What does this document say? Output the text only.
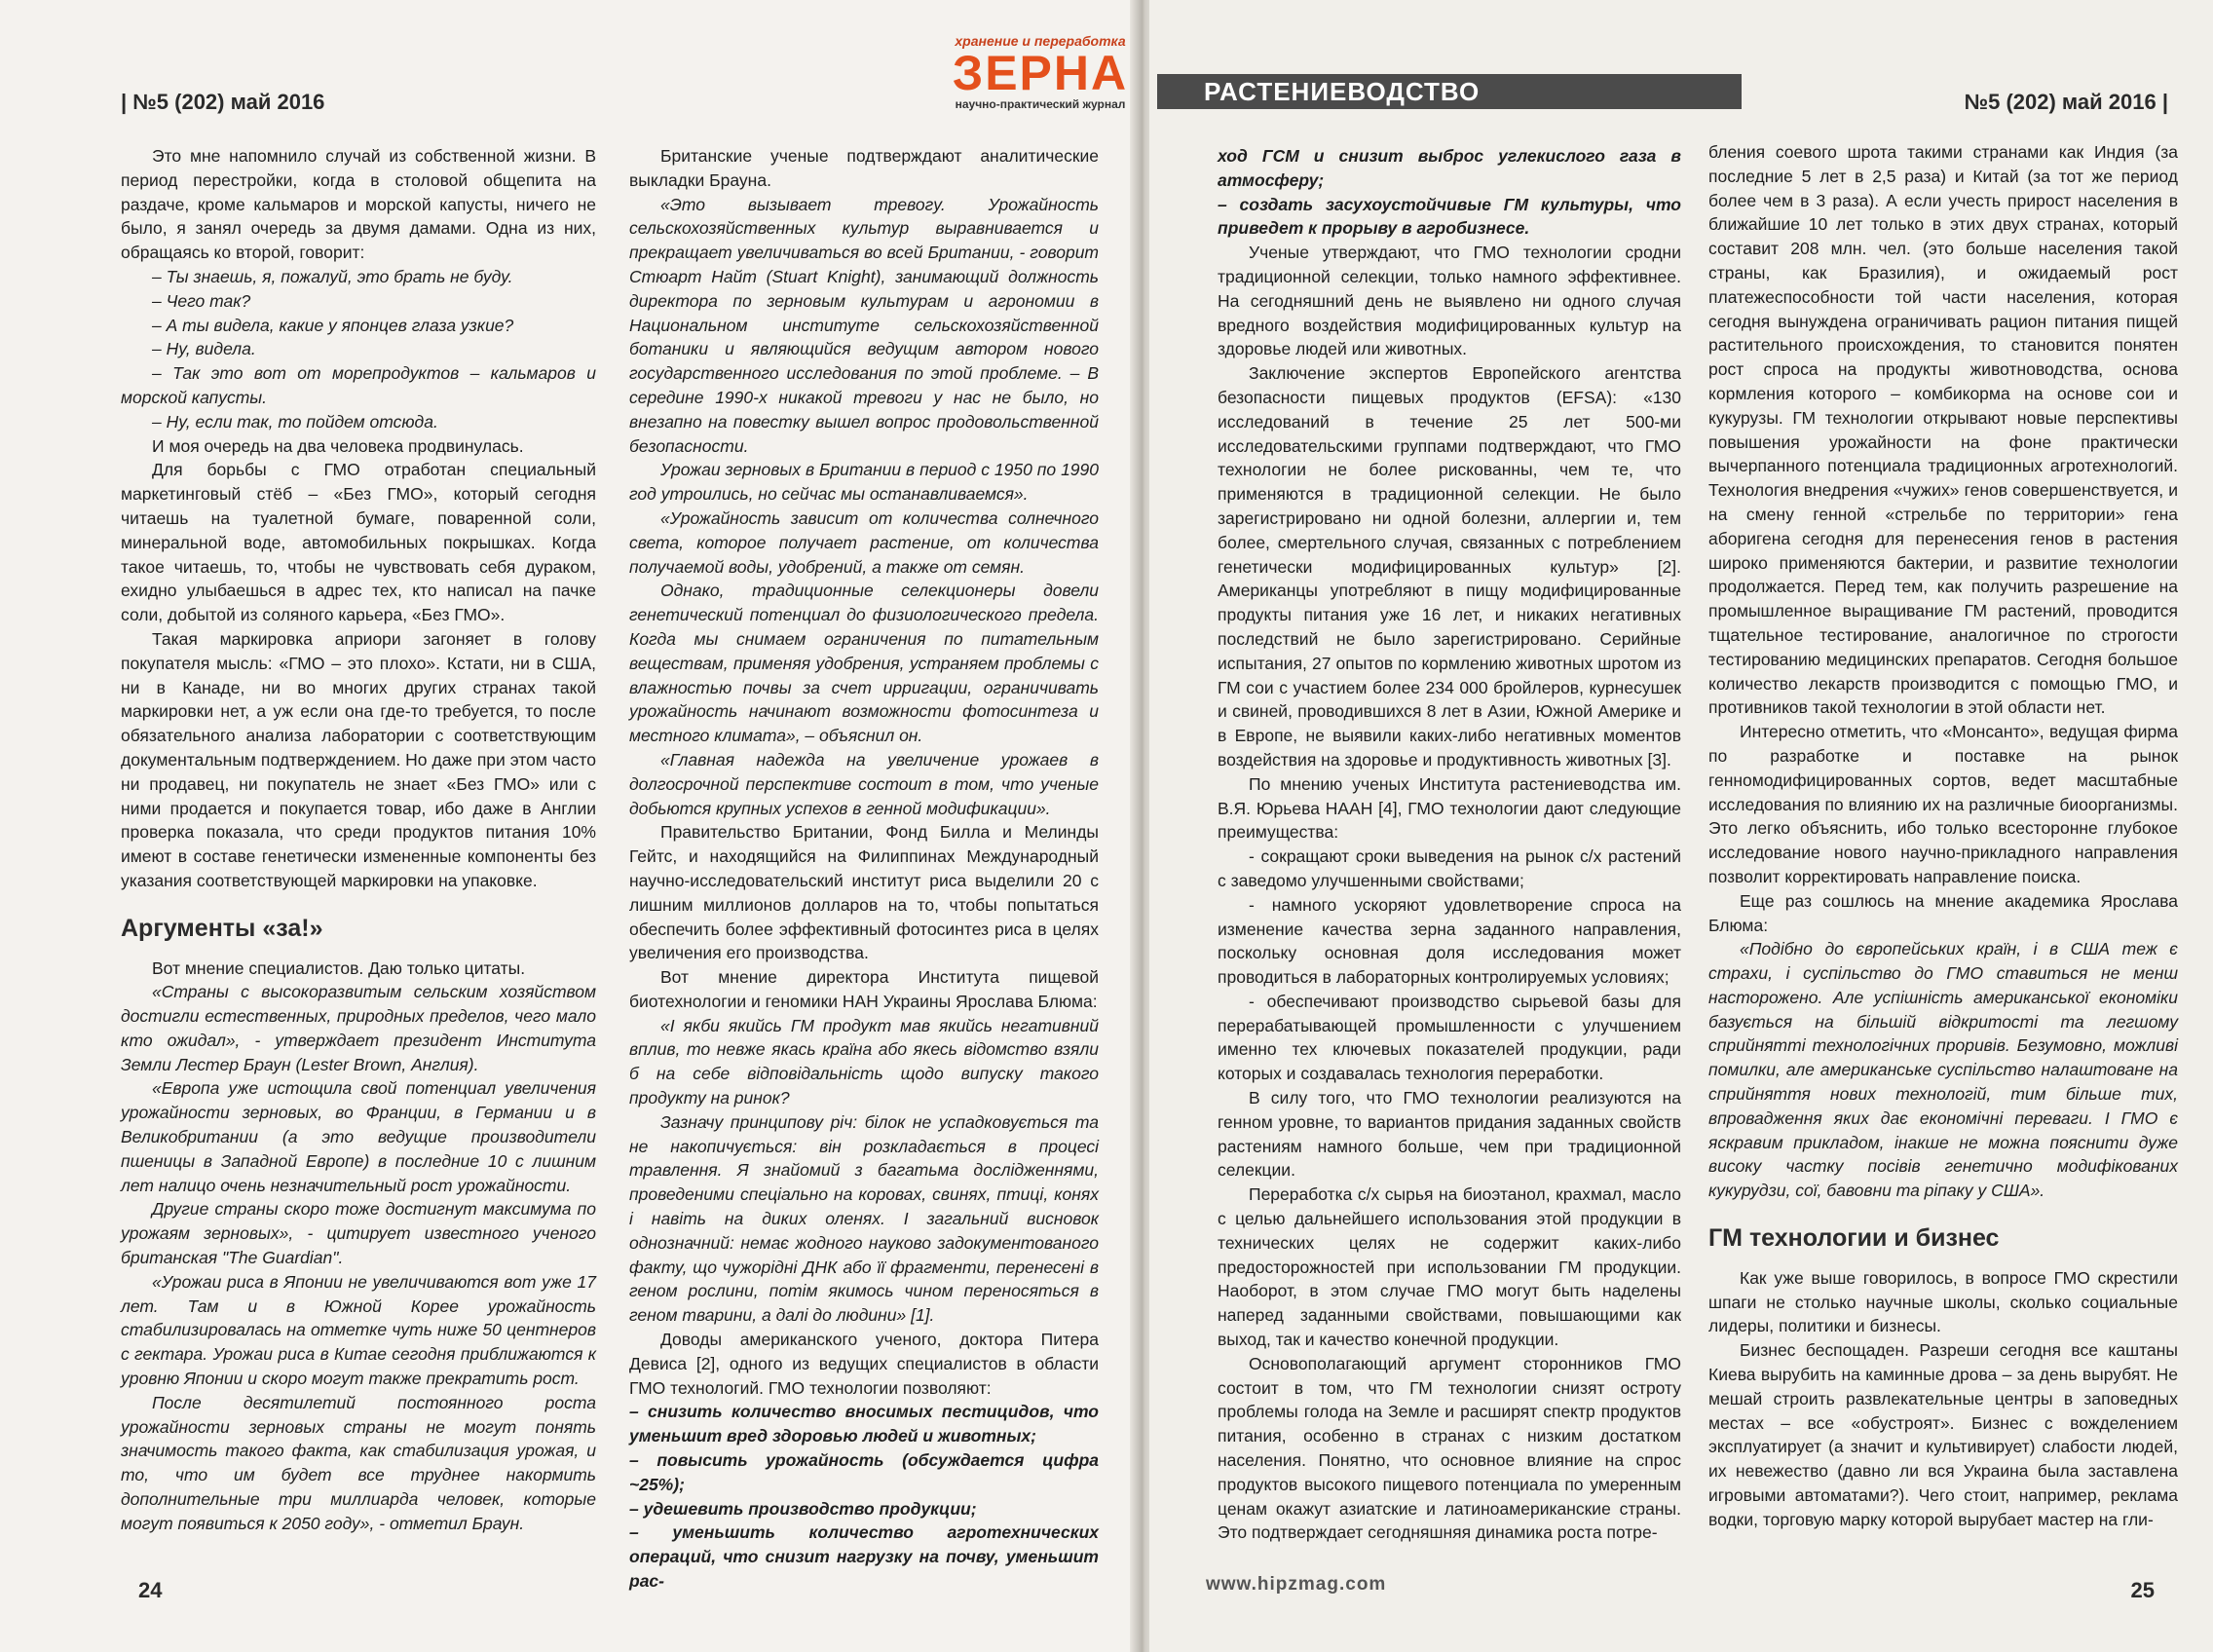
| №5 (202) май 2016
хранение и переработка
ЗЕРНА
научно-практический журнал

Это мне напомнило случай из собственной жизни. В период перестройки, когда в столовой общепита на раздаче, кроме кальмаров и морской капусты, ничего не было, я занял очередь за двумя дамами. Одна из них, обращаясь ко второй, говорит:

– Ты знаешь, я, пожалуй, это брать не буду.

– Чего так?

– А ты видела, какие у японцев глаза узкие?

– Ну, видела.

– Так это вот от морепродуктов – кальмаров и морской капусты.

– Ну, если так, то пойдем отсюда.

И моя очередь на два человека продвинулась.

Для борьбы с ГМО отработан специальный маркетинговый стёб – «Без ГМО», который сегодня читаешь на туалетной бумаге, поваренной соли, минеральной воде, автомобильных покрышках. Когда такое читаешь, то, чтобы не чувствовать себя дураком, ехидно улыбаешься в адрес тех, кто написал на пачке соли, добытой из соляного карьера, «Без ГМО».

Такая маркировка априори загоняет в голову покупателя мысль: «ГМО – это плохо». Кстати, ни в США, ни в Канаде, ни во многих других странах такой маркировки нет, а уж если она где-то требуется, то после обязательного анализа лаборатории с соответствующим документальным подтверждением. Но даже при этом часто ни продавец, ни покупатель не знает «Без ГМО» или с ними продается и покупается товар, ибо даже в Англии проверка показала, что среди продуктов питания 10% имеют в составе генетически измененные компоненты без указания соответствующей маркировки на упаковке.

Аргументы «за!»

Вот мнение специалистов. Даю только цитаты.

«Страны с высокоразвитым сельским хозяйством достигли естественных, природных пределов, чего мало кто ожидал», - утверждает президент Института Земли Лестер Браун (Lester Brown, Англия).

«Европа уже истощила свой потенциал увеличения урожайности зерновых, во Франции, в Германии и в Великобритании (а это ведущие производители пшеницы в Западной Европе) в последние 10 с лишним лет налицо очень незначительный рост урожайности.

Другие страны скоро тоже достигнут максимума по урожаям зерновых», - цитирует известного ученого британская "The Guardian".

«Урожаи риса в Японии не увеличиваются вот уже 17 лет. Там и в Южной Корее урожайность стабилизировалась на отметке чуть ниже 50 центнеров с гектара. Урожаи риса в Китае сегодня приближаются к уровню Японии и скоро могут также прекратить рост.

После десятилетий постоянного роста урожайности зерновых страны не могут понять значимость такого факта, как стабилизация урожая, и то, что им будет все труднее накормить дополнительные три миллиарда человек, которые могут появиться к 2050 году», - отметил Браун.

Британские ученые подтверждают аналитические выкладки Брауна.

«Это вызывает тревогу. Урожайность сельскохозяйственных культур выравнивается и прекращает увеличиваться во всей Британии, - говорит Стюарт Найт (Stuart Knight), занимающий должность директора по зерновым культурам и агрономии в Национальном институте сельскохозяйственной ботаники и являющийся ведущим автором нового государственного исследования по этой проблеме. – В середине 1990-х никакой тревоги у нас не было, но внезапно на повестку вышел вопрос продовольственной безопасности.

Урожаи зерновых в Британии в период с 1950 по 1990 год утроились, но сейчас мы останавливаемся».

«Урожайность зависит от количества солнечного света, которое получает растение, от количества получаемой воды, удобрений, а также от семян.

Однако, традиционные селекционеры довели генетический потенциал до физиологического предела. Когда мы снимаем ограничения по питательным веществам, применяя удобрения, устраняем проблемы с влажностью почвы за счет ирригации, ограничивать урожайность начинают возможности фотосинтеза и местного климата», – объяснил он.

«Главная надежда на увеличение урожаев в долгосрочной перспективе состоит в том, что ученые добьются крупных успехов в генной модификации».

Правительство Британии, Фонд Билла и Мелинды Гейтс, и находящийся на Филиппинах Международный научно-исследовательский институт риса выделили 20 с лишним миллионов долларов на то, чтобы попытаться обеспечить более эффективный фотосинтез риса в целях увеличения его производства.

Вот мнение директора Института пищевой биотехнологии и геномики НАН Украины Ярослава Блюма:

«І якби якийсь ГМ продукт мав якийсь негативний вплив, то невже якась країна або якесь відомство взяли б на себе відповідальність щодо випуску такого продукту на ринок?

Зазначу принципову річ: білок не успадковується та не накопичується: він розкладається в процесі травлення. Я знайомий з багатьма дослідженнями, проведеними спеціально на коровах, свинях, птиці, конях і навіть на диких оленях. І загальний висновок однозначний: немає жодного науково задокументованого факту, що чужорідні ДНК або її фрагменти, перенесені в геном рослини, потім якимось чином переносяться в геном тварини, а далі до людини» [1].

Доводы американского ученого, доктора Питера Девиса [2], одного из ведущих специалистов в области ГМО технологий. ГМО технологии позволяют:

– снизить количество вносимых пестицидов, что уменьшит вред здоровью людей и животных;

– повысить урожайность (обсуждается цифра ~25%);

– удешевить производство продукции;

– уменьшить количество агротехнических операций, что снизит нагрузку на почву, уменьшит рас-

24
№5 (202) май 2016 |

ход ГСМ и снизит выброс углекислого газа в атмосферу;

– создать засухоустойчивые ГМ культуры, что приведет к прорыву в агробизнесе.

Ученые утверждают, что ГМО технологии сродни традиционной селекции, только намного эффективнее. На сегодняшний день не выявлено ни одного случая вредного воздействия модифицированных культур на здоровье людей или животных.

Заключение экспертов Европейского агентства безопасности пищевых продуктов (EFSA): «130 исследований в течение 25 лет 500-ми исследовательскими группами подтверждают, что ГМО технологии не более рискованны, чем те, что применяются в традиционной селекции. Не было зарегистрировано ни одной болезни, аллергии и, тем более, смертельного случая, связанных с потреблением генетически модифицированных культур» [2]. Американцы употребляют в пищу модифицированные продукты питания уже 16 лет, и никаких негативных последствий не было зарегистрировано. Серийные испытания, 27 опытов по кормлению животных шротом из ГМ сои с участием более 234 000 бройлеров, курнесушек и свиней, проводившихся 8 лет в Азии, Южной Америке и в Европе, не выявили каких-либо негативных моментов воздействия на здоровье и продуктивность животных [3].

По мнению ученых Института растениеводства им. В.Я. Юрьева НААН [4], ГМО технологии дают следующие преимущества:

- сокращают сроки выведения на рынок с/х растений с заведомо улучшенными свойствами;

- намного ускоряют удовлетворение спроса на изменение качества зерна заданного направления, поскольку основная доля исследования может проводиться в лабораторных контролируемых условиях;

- обеспечивают производство сырьевой базы для перерабатывающей промышленности с улучшением именно тех ключевых показателей продукции, ради которых и создавалась технология переработки.

В силу того, что ГМО технологии реализуются на генном уровне, то вариантов придания заданных свойств растениям намного больше, чем при традиционной селекции.

Переработка с/х сырья на биоэтанол, крахмал, масло с целью дальнейшего использования этой продукции в технических целях не содержит каких-либо предосторожностей при использовании ГМ продукции. Наоборот, в этом случае ГМО могут быть наделены наперед заданными свойствами, повышающими как выход, так и качество конечной продукции.

Основополагающий аргумент сторонников ГМО состоит в том, что ГМ технологии снизят остроту проблемы голода на Земле и расширят спектр продуктов питания, особенно в странах с низким достатком населения. Понятно, что основное влияние на спрос продуктов высокого пищевого потенциала по умеренным ценам окажут азиатские и латиноамериканские страны. Это подтверждает сегодняшняя динамика роста потре-

бления соевого шрота такими странами как Индия (за последние 5 лет в 2,5 раза) и Китай (за тот же период более чем в 3 раза). А если учесть прирост населения в ближайшие 10 лет только в этих двух странах, который составит 208 млн. чел. (это больше населения такой страны, как Бразилия), и ожидаемый рост платежеспособности той части населения, которая сегодня вынуждена ограничивать рацион питания пищей растительного происхождения, то становится понятен рост спроса на продукты животноводства, основа кормления которого – комбикорма на основе сои и кукурузы. ГМ технологии открывают новые перспективы повышения урожайности на фоне практически вычерпанного потенциала традиционных агротехнологий. Технология внедрения «чужих» генов совершенствуется, и на смену генной «стрельбе по территории» гена аборигена сегодня для перенесения генов в растения широко применяются бактерии, и развитие технологии продолжается. Перед тем, как получить разрешение на промышленное выращивание ГМ растений, проводится тщательное тестирование, аналогичное по строгости тестированию медицинских препаратов. Сегодня большое количество лекарств производится с помощью ГМО, и противников такой технологии в этой области нет.

Интересно отметить, что «Монсанто», ведущая фирма по разработке и поставке на рынок генномодифицированных сортов, ведет масштабные исследования по влиянию их на различные биоорганизмы. Это легко объяснить, ибо только всесторонне глубокое исследование нового научно-прикладного направления позволит корректировать направление поиска.

Еще раз сошлюсь на мнение академика Ярослава Блюма:

«Подібно до європейських країн, і в США теж є страхи, і суспільство до ГМО ставиться не менш насторожено. Але успішність американської економіки базується на більшій відкритості та легшому сприйнятті технологічних проривів. Безумовно, можливі помилки, але американське суспільство налаштоване на сприйняття нових технологій, тим більше тих, впровадження яких дає економічні переваги. І ГМО є яскравим прикладом, інакше не можна пояснити дуже високу частку посівів генетично модифікованих кукурудзи, сої, бавовни та ріпаку у США».

ГМ технологии и бизнес

Как уже выше говорилось, в вопросе ГМО скрестили шпаги не столько научные школы, сколько социальные лидеры, политики и бизнесы.

Бизнес беспощаден. Разреши сегодня все каштаны Киева вырубить на каминные дрова – за день вырубят. Не мешай строить развлекательные центры в заповедных местах – все «обустроят». Бизнес с вожделением эксплуатирует (а значит и культивирует) слабости людей, их невежество (давно ли вся Украина была заставлена игровыми автоматами?). Чего стоит, например, реклама водки, торговую марку которой вырубает мастер на гли-

www.hipzmag.com	25
РАСТЕНИЕВОДСТВО
